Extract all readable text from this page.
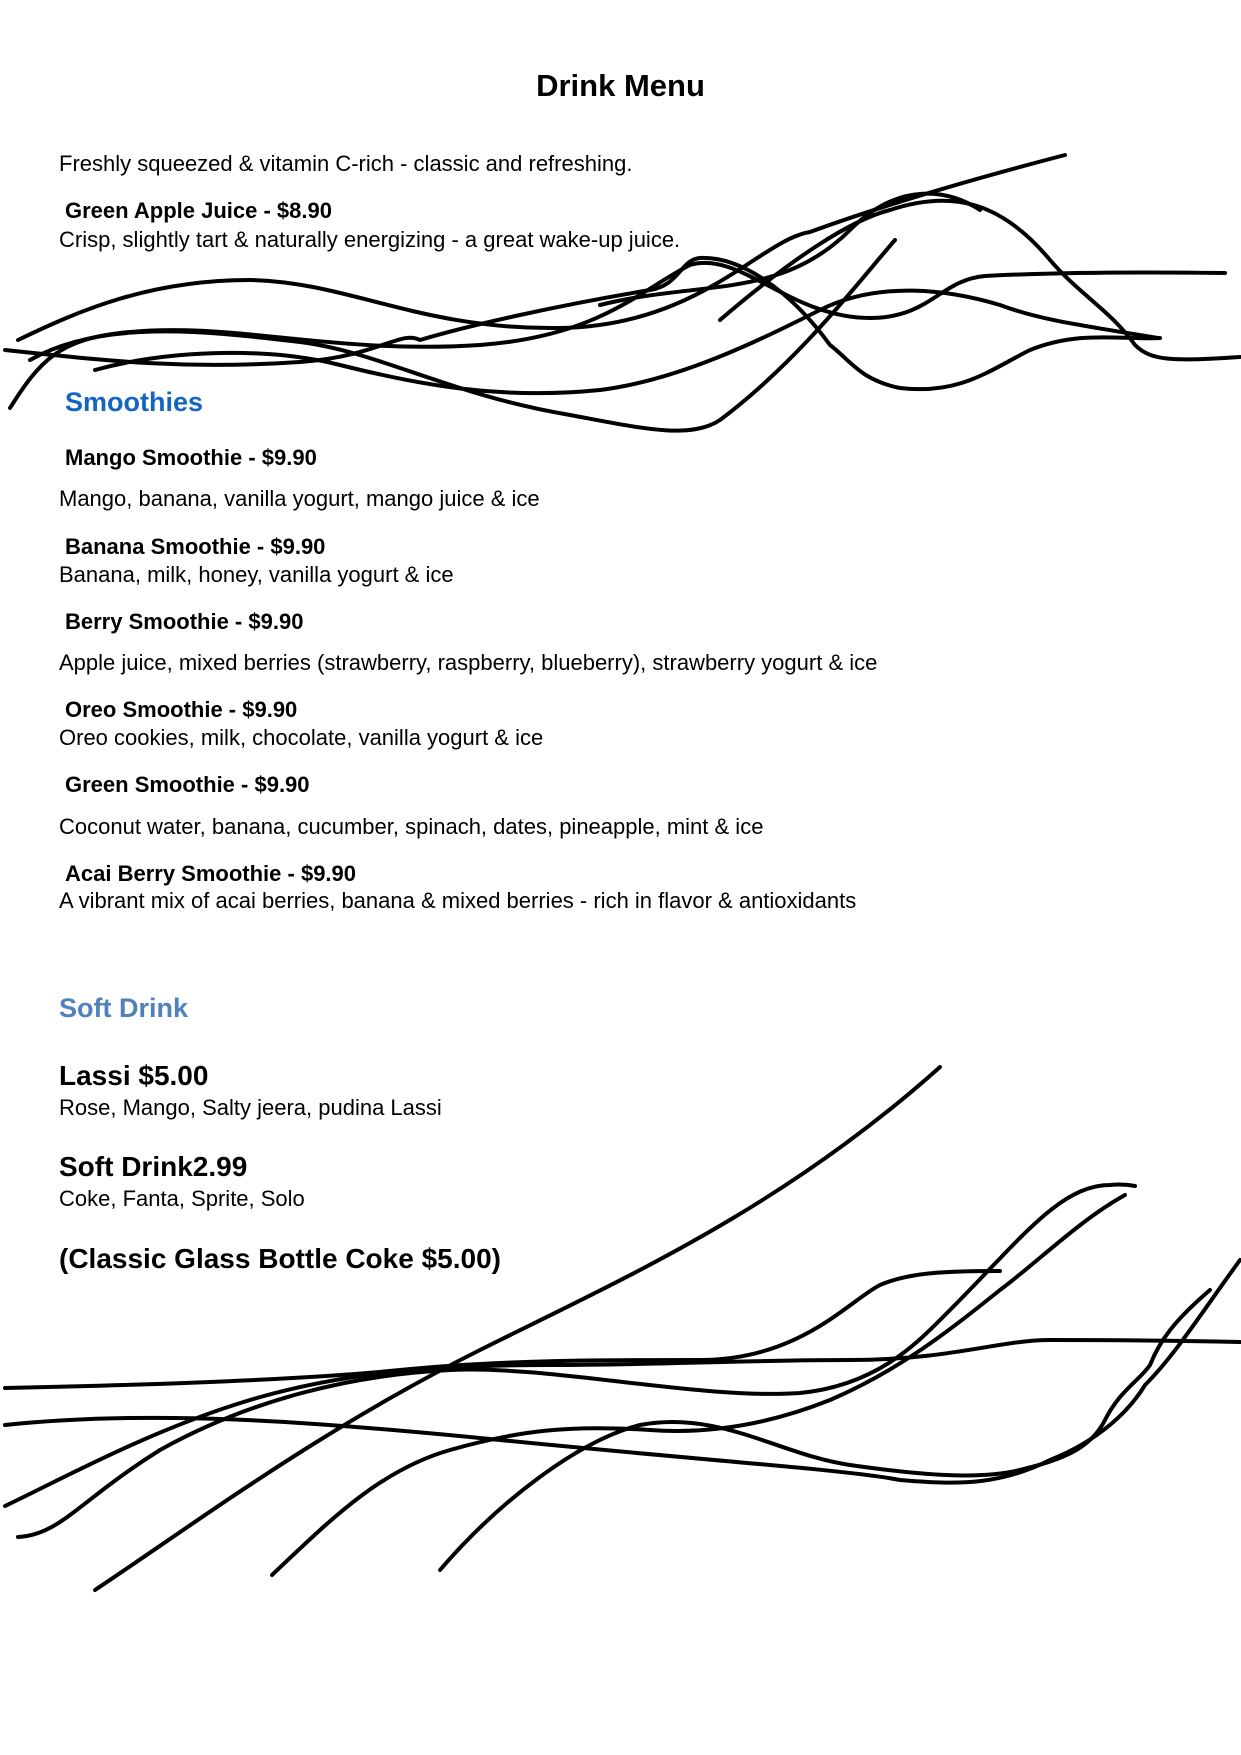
Drink Menu
Freshly squeezed & vitamin C-rich - classic and refreshing.
Green Apple Juice - $8.90
Crisp, slightly tart & naturally energizing - a great wake-up juice.
Smoothies
Mango Smoothie - $9.90
Mango, banana, vanilla yogurt, mango juice & ice
Banana Smoothie - $9.90
Banana, milk, honey, vanilla yogurt & ice
Berry Smoothie - $9.90
Apple juice, mixed berries (strawberry, raspberry, blueberry), strawberry yogurt & ice
Oreo Smoothie - $9.90
Oreo cookies, milk, chocolate, vanilla yogurt & ice
Green Smoothie - $9.90
Coconut water, banana, cucumber, spinach, dates, pineapple, mint & ice
Acai Berry Smoothie - $9.90
A vibrant mix of acai berries, banana & mixed berries - rich in flavor & antioxidants
Soft Drink
Lassi $5.00
Rose, Mango, Salty jeera, pudina Lassi
Soft Drink2.99
Coke, Fanta, Sprite, Solo
(Classic Glass Bottle Coke $5.00)
